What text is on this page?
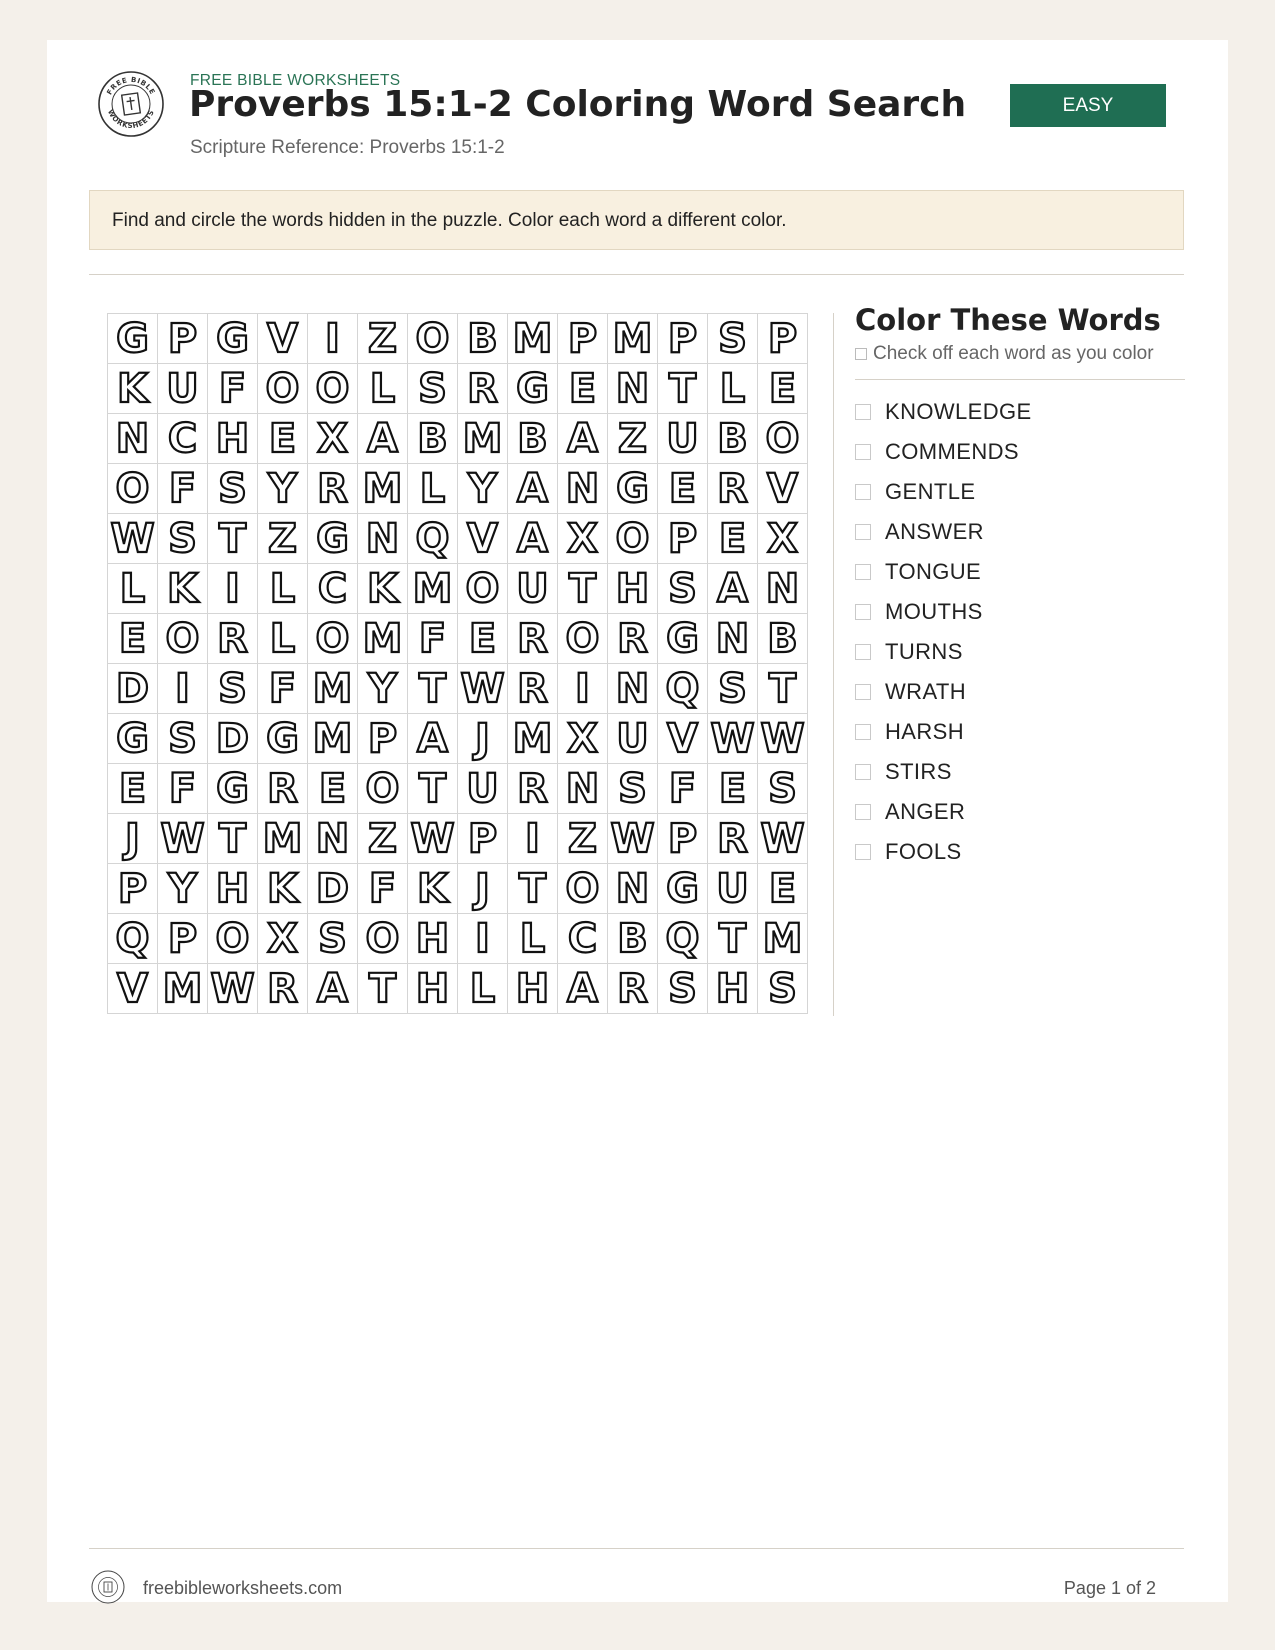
FREE BIBLE
WORKSHEETS
FREE BIBLE WORKSHEETS
Proverbs 15:1-2 Coloring Word Search
Scripture Reference: Proverbs 15:1-2
EASY
Find and circle the words hidden in the puzzle. Color each word a different color.
G P G V I Z O B M P M P S P
K U F O O L S R G E N T L E
N C H E X A B M B A Z U B O
O F S Y R M L Y A N G E R V
W S T Z G N Q V A X O P E X
L K I L C K M O U T H S A N
E O R L O M F E R O R G N B
D I S F M Y T W R I N Q S T
G S D G M P A J M X U V W W
E F G R E O T U R N S F E S
J W T M N Z W P I Z W P R W
P Y H K D F K J T O N G U E
Q P O X S O H I L C B Q T M
V M W R A T H L H A R S H S
Color These Words
Check off each word as you color
KNOWLEDGE
COMMENDS
GENTLE
ANSWER
TONGUE
MOUTHS
TURNS
WRATH
HARSH
STIRS
ANGER
FOOLS
freebibleworksheets.com	Page 1 of 2
